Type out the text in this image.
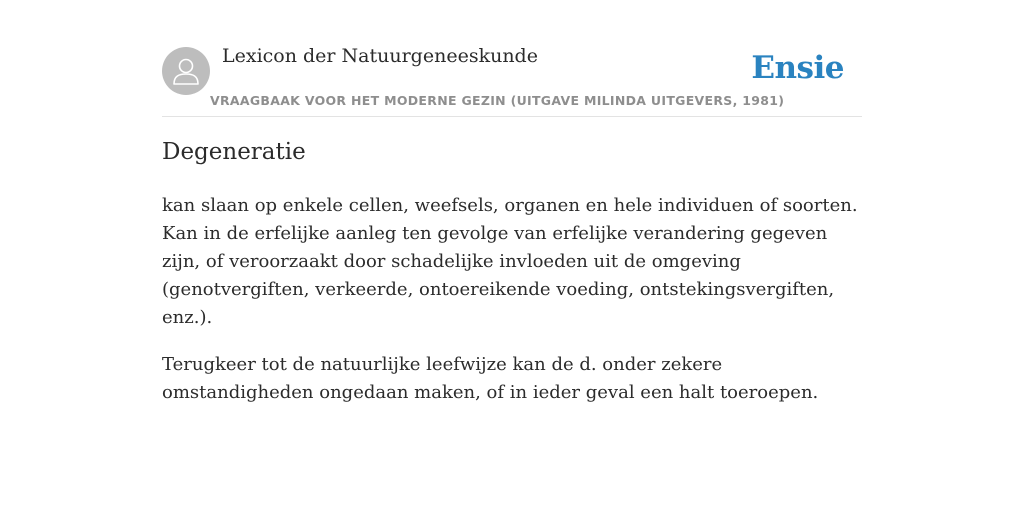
Lexicon der Natuurgeneeskunde
VRAAGBAAK VOOR HET MODERNE GEZIN (UITGAVE MILINDA UITGEVERS, 1981)
Ensie
Degeneratie

kan slaan op enkele cellen, weefsels, organen en hele individuen of soorten. Kan in de erfelijke aanleg ten gevolge van erfelijke verandering gegeven zijn, of veroorzaakt door schadelijke invloeden uit de omgeving (genotvergiften, verkeerde, ontoereikende voeding, ontstekingsvergiften, enz.).

Terugkeer tot de natuurlijke leefwijze kan de d. onder zekere omstandigheden ongedaan maken, of in ieder geval een halt toeroepen.
